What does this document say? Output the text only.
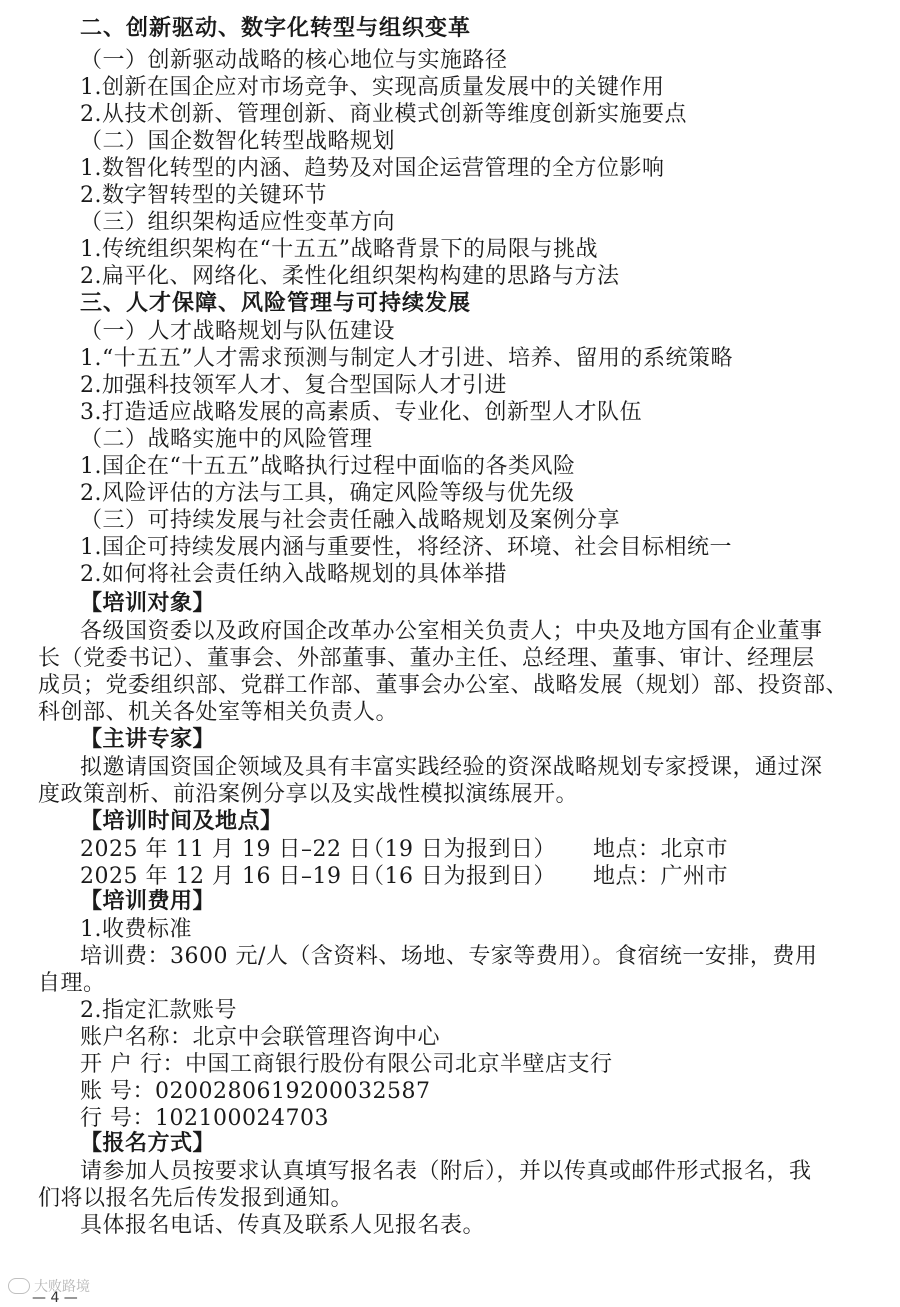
二、创新驱动、数字化转型与组织变革
（一）创新驱动战略的核心地位与实施路径
1.创新在国企应对市场竞争、实现高质量发展中的关键作用
2.从技术创新、管理创新、商业模式创新等维度创新实施要点
（二）国企数智化转型战略规划
1.数智化转型的内涵、趋势及对国企运营管理的全方位影响
2.数字智转型的关键环节
（三）组织架构适应性变革方向
1.传统组织架构在“十五五”战略背景下的局限与挑战
2.扁平化、网络化、柔性化组织架构构建的思路与方法
三、人才保障、风险管理与可持续发展
（一）人才战略规划与队伍建设
1.“十五五”人才需求预测与制定人才引进、培养、留用的系统策略
2.加强科技领军人才、复合型国际人才引进
3.打造适应战略发展的高素质、专业化、创新型人才队伍
（二）战略实施中的风险管理
1.国企在“十五五”战略执行过程中面临的各类风险
2.风险评估的方法与工具，确定风险等级与优先级
（三）可持续发展与社会责任融入战略规划及案例分享
1.国企可持续发展内涵与重要性，将经济、环境、社会目标相统一
2.如何将社会责任纳入战略规划的具体举措
【培训对象】
各级国资委以及政府国企改革办公室相关负责人；中央及地方国有企业董事
长（党委书记）、董事会、外部董事、董办主任、总经理、董事、审计、经理层
成员；党委组织部、党群工作部、董事会办公室、战略发展（规划）部、投资部、
科创部、机关各处室等相关负责人。
【主讲专家】
拟邀请国资国企领域及具有丰富实践经验的资深战略规划专家授课，通过深
度政策剖析、前沿案例分享以及实战性模拟演练展开。
【培训时间及地点】
2025 年 11 月 19 日–22 日
（19 日为报到日） 地点：北京市
2025 年 12 月 16 日–19 日
（16 日为报到日） 地点：广州市
【培训费用】
1.收费标准
培训费：3600 元/人（含资料、场地、专家等费用）。食宿统一安排，费用
自理。
2.指定汇款账号
账户名称：北京中会联管理咨询中心
开 户 行：中国工商银行股份有限公司北京半壁店支行
账 号：0200280619200032587
行 号：102100024703
【报名方式】
请参加人员按要求认真填写报名表（附后），并以传真或邮件形式报名，我
们将以报名先后传发报到通知。
具体报名电话、传真及联系人见报名表。
大败路境
— 4 —
